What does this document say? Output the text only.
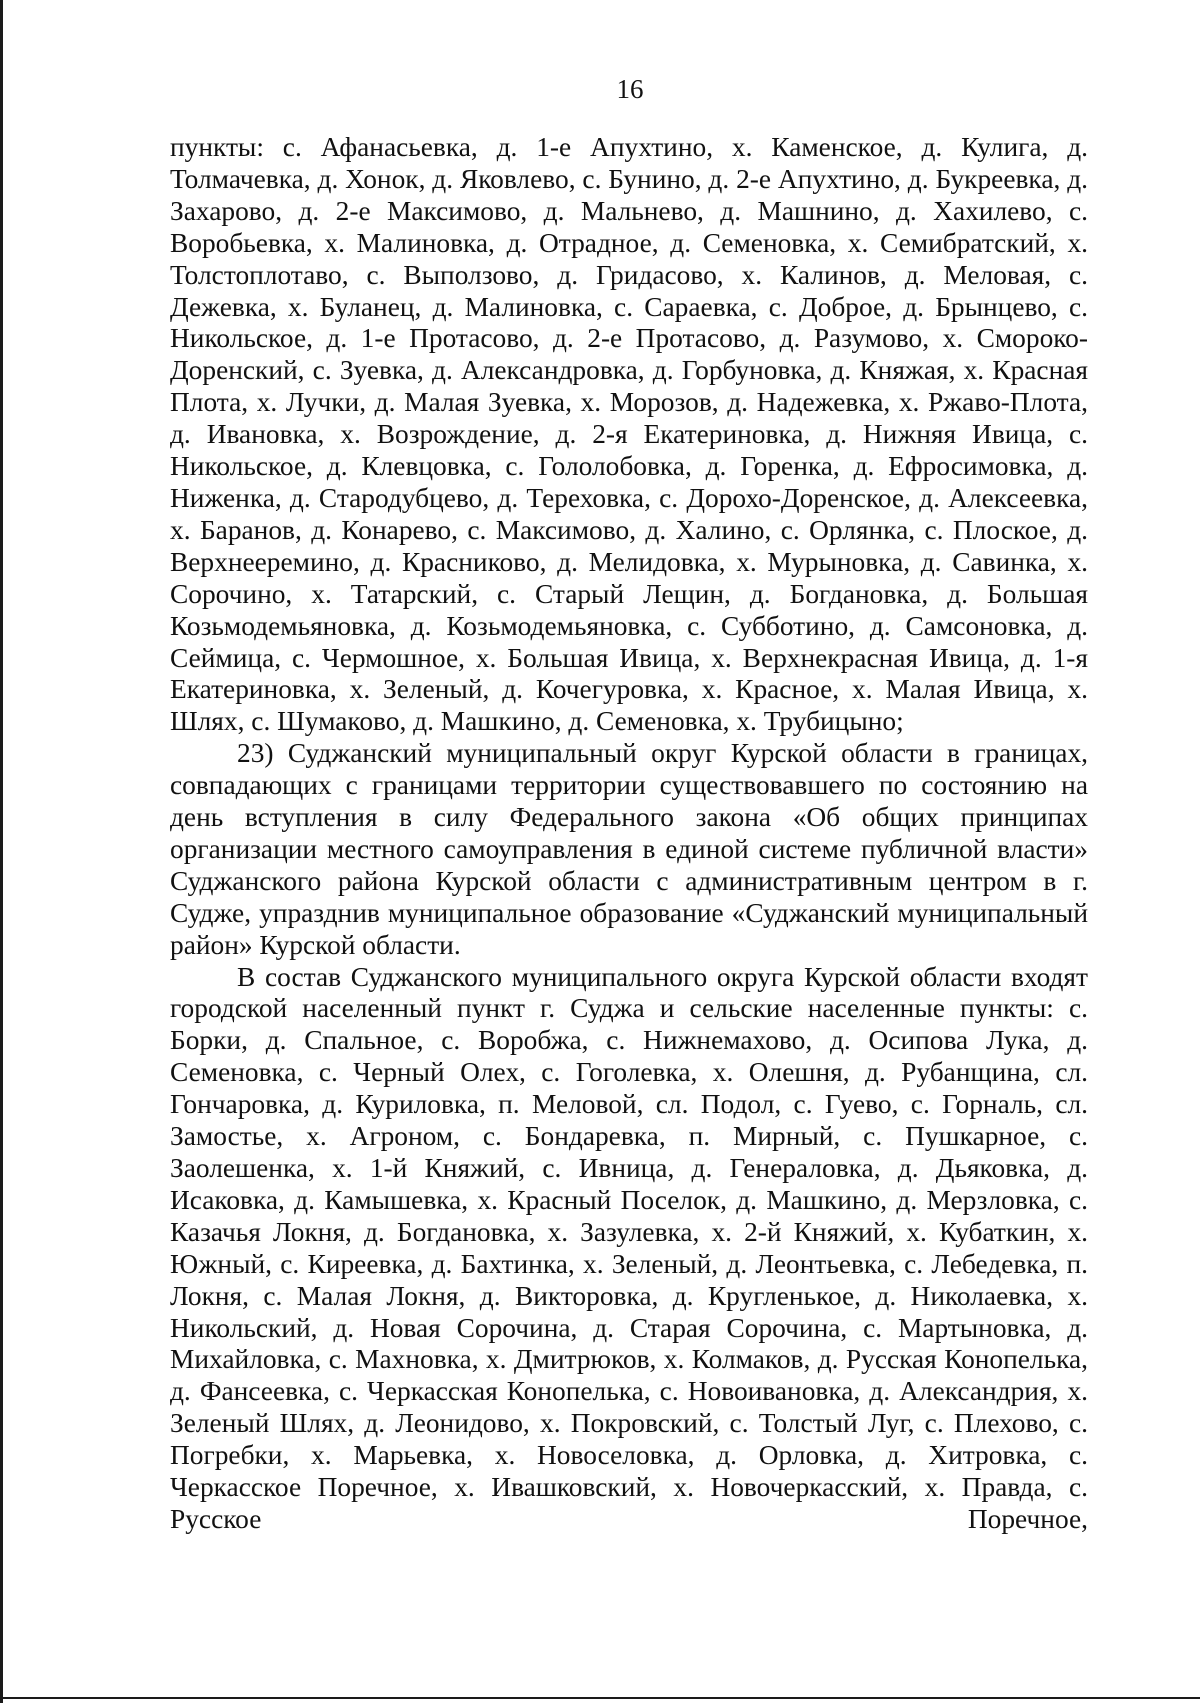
16

пункты: с. Афанасьевка, д. 1-е Апухтино, х. Каменское, д. Кулига, д. Толмачевка, д. Хонок, д. Яковлево, с. Бунино, д. 2-е Апухтино, д. Букреевка, д. Захарово, д. 2-е Максимово, д. Мальнево, д. Машнино, д. Хахилево, с. Воробьевка, х. Малиновка, д. Отрадное, д. Семеновка, х. Семибратский, х. Толстоплотаво, с. Выползово, д. Гридасово, х. Калинов, д. Меловая, с. Дежевка, х. Буланец, д. Малиновка, с. Сараевка, с. Доброе, д. Брынцево, с. Никольское, д. 1-е Протасово, д. 2-е Протасово, д. Разумово, х. Смороко-Доренский, с. Зуевка, д. Александровка, д. Горбуновка, д. Княжая, х. Красная Плота, х. Лучки, д. Малая Зуевка, х. Морозов, д. Надежевка, х. Ржаво-Плота, д. Ивановка, х. Возрождение, д. 2-я Екатериновка, д. Нижняя Ивица, с. Никольское, д. Клевцовка, с. Гололобовка, д. Горенка, д. Ефросимовка, д. Ниженка, д. Стародубцево, д. Тереховка, с. Дорохо-Доренское, д. Алексеевка, х. Баранов, д. Конарево, с. Максимово, д. Халино, с. Орлянка, с. Плоское, д. Верхнееремино, д. Красниково, д. Мелидовка, х. Мурыновка, д. Савинка, х. Сорочино, х. Татарский, с. Старый Лещин, д. Богдановка, д. Большая Козьмодемьяновка, д. Козьмодемьяновка, с. Субботино, д. Самсоновка, д. Сеймица, с. Чермошное, х. Большая Ивица, х. Верхнекрасная Ивица, д. 1-я Екатериновка, х. Зеленый, д. Кочегуровка, х. Красное, х. Малая Ивица, х. Шлях, с. Шумаково, д. Машкино, д. Семеновка, х. Трубицыно;

23) Суджанский муниципальный округ Курской области в границах, совпадающих с границами территории существовавшего по состоянию на день вступления в силу Федерального закона «Об общих принципах организации местного самоуправления в единой системе публичной власти» Суджанского района Курской области с административным центром в г. Судже, упразднив муниципальное образование «Суджанский муниципальный район» Курской области.

В состав Суджанского муниципального округа Курской области входят городской населенный пункт г. Суджа и сельские населенные пункты: с. Борки, д. Спальное, с. Воробжа, с. Нижнемахово, д. Осипова Лука, д. Семеновка, с. Черный Олех, с. Гоголевка, х. Олешня, д. Рубанщина, сл. Гончаровка, д. Куриловка, п. Меловой, сл. Подол, с. Гуево, с. Горналь, сл. Замостье, х. Агроном, с. Бондаревка, п. Мирный, с. Пушкарное, с. Заолешенка, х. 1-й Княжий, с. Ивница, д. Генераловка, д. Дьяковка, д. Исаковка, д. Камышевка, х. Красный Поселок, д. Машкино, д. Мерзловка, с. Казачья Локня, д. Богдановка, х. Зазулевка, х. 2-й Княжий, х. Кубаткин, х. Южный, с. Киреевка, д. Бахтинка, х. Зеленый, д. Леонтьевка, с. Лебедевка, п. Локня, с. Малая Локня, д. Викторовка, д. Кругленькое, д. Николаевка, х. Никольский, д. Новая Сорочина, д. Старая Сорочина, с. Мартыновка, д. Михайловка, с. Махновка, х. Дмитрюков, х. Колмаков, д. Русская Конопелька, д. Фансеевка, с. Черкасская Конопелька, с. Новоивановка, д. Александрия, х. Зеленый Шлях, д. Леонидово, х. Покровский, с. Толстый Луг, с. Плехово, с. Погребки, х. Марьевка, х. Новоселовка, д. Орловка, д. Хитровка, с. Черкасское Поречное, х. Ивашковский, х. Новочеркасский, х. Правда, с. Русское Поречное,
